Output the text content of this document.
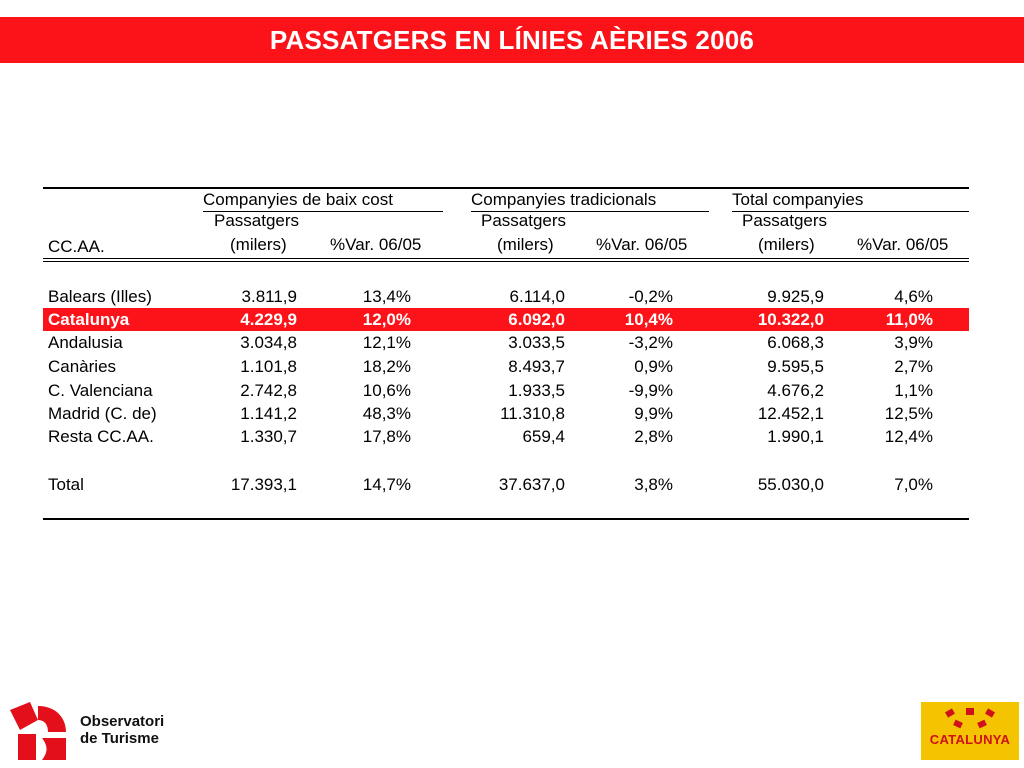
PASSATGERS EN LÍNIES AÈRIES 2006
Companyies de baix cost	Companyies tradicionals	Total companyies
Passatgers	Passatgers	Passatgers
CC.AA.	(milers)	%Var. 06/05	(milers) %Var. 06/05	(milers) %Var. 06/05
Balears (Illes)	3.811,9	13,4%	6.114,0	-0,2%	9.925,9	4,6%
Catalunya	4.229,9	12,0%	6.092,0	10,4%	10.322,0	11,0%
Andalusia	3.034,8	12,1%	3.033,5	-3,2%	6.068,3	3,9%
Canàries	1.101,8	18,2%	8.493,7	0,9%	9.595,5	2,7%
C. Valenciana	2.742,8	10,6%	1.933,5	-9,9%	4.676,2	1,1%
Madrid (C. de)	1.141,2	48,3%	11.310,8	9,9%	12.452,1	12,5%
Resta CC.AA.	1.330,7	17,8%	659,4	2,8%	1.990,1	12,4%
Total	17.393,1	14,7%	37.637,0	3,8%	55.030,0	7,0%
Observatori
de Turisme	CATALUNYA
